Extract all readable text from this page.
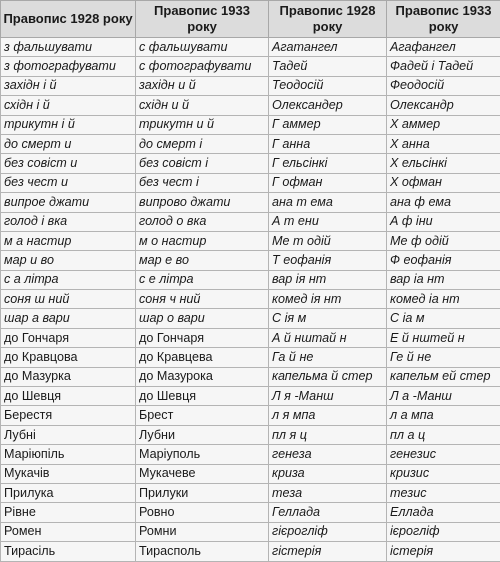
Правопис 1928 року	Правопис 1933 року	Правопис 1928 року	Правопис 1933 року
з фальшувати	с фальшувати	Агатангел	Агафангел
з фотографувати	с фотографувати	Тадей	Фадей і Тадей
західн і й	західн и й	Теодосій	Феодосій
східн і й	східн и й	Олександер	Олександр
трикутн і й	трикутн и й	Г аммер	Х аммер
до смерт и	до смерт і	Г анна	Х анна
без совіст и	без совіст і	Г ельсінкі	Х ельсінкі
без чест и	без чест і	Г офман	Х офман
випрое джати	випрово джати	ана т ема	ана ф ема
голод і вка	голод о вка	А т ени	А ф іни
м а настир	м о настир	Ме т одій	Ме ф одій
мар и во	мар е во	Т еофанія	Ф еофанія
с а літра	с е літра	вар ія нт	вар іа нт
соня ш ний	соня ч ний	комед ія нт	комед іа нт
шар а вари	шар о вари	С ія м	С іа м
до Гончаря	до Гончаря	А й нштай н	Е й нштей н
до Кравцова	до Кравцева	Га й не	Ге й не
до Мазурка	до Мазурока	капельма й стер	капельм ей стер
до Шевця	до Шевця	Л я -Манш	Л а -Манш
Берестя	Брест	л я мпа	л а мпа
Лубні	Лубни	пл я ц	пл а ц
Маріюпіль	Маріуполь	генеза	генезис
Мукачів	Мукачеве	криза	кризис
Прилука	Прилуки	теза	тезис
Рівне	Ровно	Геллада	Еллада
Ромен	Ромни	гієрогліф	ієрогліф
Тирасіль	Тирасполь	гістерія	істерія
